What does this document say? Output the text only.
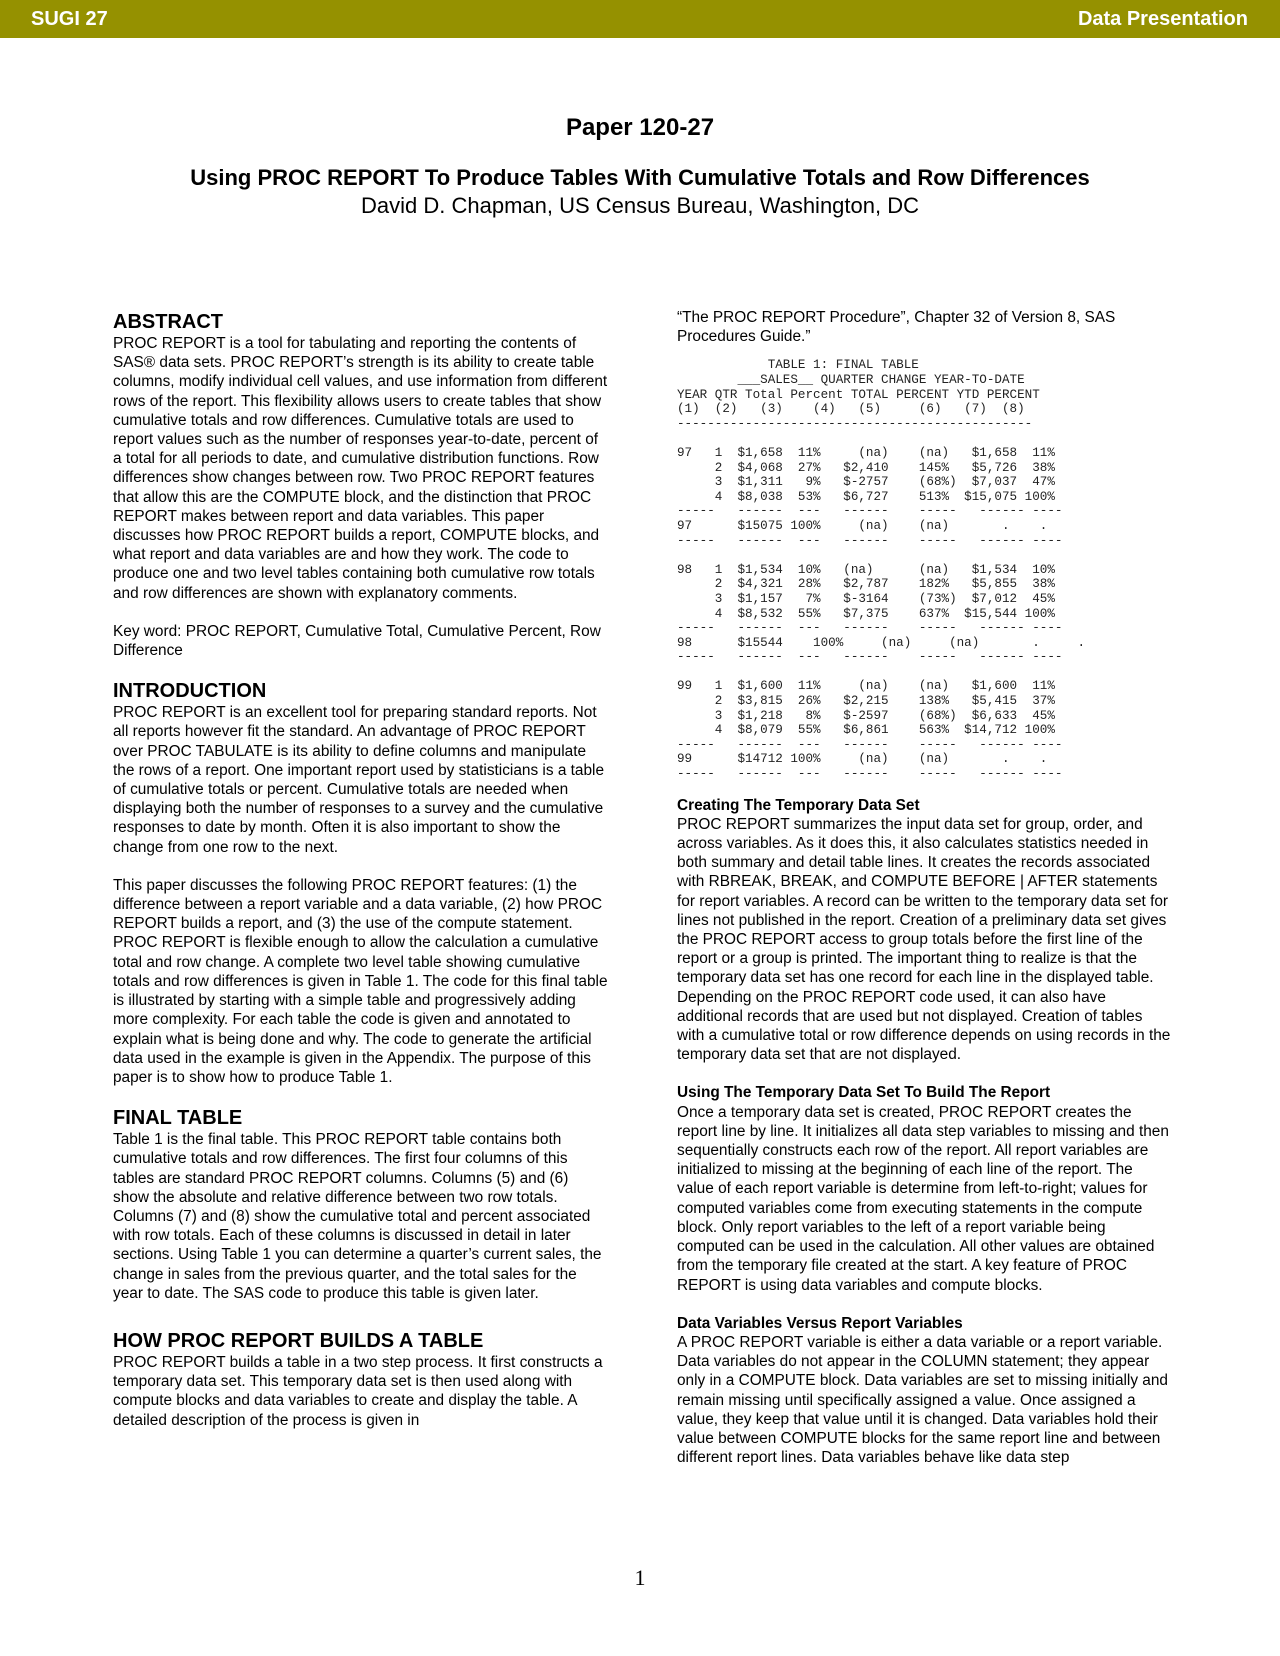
SUGI 27	Data Presentation
Paper 120-27
Using PROC REPORT To Produce Tables With Cumulative Totals and Row Differences
David D. Chapman, US Census Bureau, Washington, DC
ABSTRACT

PROC REPORT is a tool for tabulating and reporting the contents of SAS® data sets. PROC REPORT’s strength is its ability to create table columns, modify individual cell values, and use information from different rows of the report. This flexibility allows users to create tables that show cumulative totals and row differences. Cumulative totals are used to report values such as the number of responses year-to-date, percent of a total for all periods to date, and cumulative distribution functions. Row differences show changes between row. Two PROC REPORT features that allow this are the COMPUTE block, and the distinction that PROC REPORT makes between report and data variables. This paper discusses how PROC REPORT builds a report, COMPUTE blocks, and what report and data variables are and how they work. The code to produce one and two level tables containing both cumulative row totals and row differences are shown with explanatory comments.

Key word: PROC REPORT, Cumulative Total, Cumulative Percent, Row Difference

INTRODUCTION

PROC REPORT is an excellent tool for preparing standard reports. Not all reports however fit the standard. An advantage of PROC REPORT over PROC TABULATE is its ability to define columns and manipulate the rows of a report. One important report used by statisticians is a table of cumulative totals or percent. Cumulative totals are needed when displaying both the number of responses to a survey and the cumulative responses to date by month. Often it is also important to show the change from one row to the next.

This paper discusses the following PROC REPORT features: (1) the difference between a report variable and a data variable, (2) how PROC REPORT builds a report, and (3) the use of the compute statement. PROC REPORT is flexible enough to allow the calculation a cumulative total and row change. A complete two level table showing cumulative totals and row differences is given in Table 1. The code for this final table is illustrated by starting with a simple table and progressively adding more complexity. For each table the code is given and annotated to explain what is being done and why. The code to generate the artificial data used in the example is given in the Appendix. The purpose of this paper is to show how to produce Table 1.

FINAL TABLE

Table 1 is the final table. This PROC REPORT table contains both cumulative totals and row differences. The first four columns of this tables are standard PROC REPORT columns. Columns (5) and (6) show the absolute and relative difference between two row totals. Columns (7) and (8) show the cumulative total and percent associated with row totals. Each of these columns is discussed in detail in later sections. Using Table 1 you can determine a quarter’s current sales, the change in sales from the previous quarter, and the total sales for the year to date. The SAS code to produce this table is given later.

HOW PROC REPORT BUILDS A TABLE

PROC REPORT builds a table in a two step process. It first constructs a temporary data set. This temporary data set is then used along with compute blocks and data variables to create and display the table. A detailed description of the process is given in

“The PROC REPORT Procedure”, Chapter 32 of Version 8, SAS Procedures Guide.”

TABLE 1: FINAL TABLE
___SALES__ QUARTER CHANGE YEAR-TO-DATE
YEAR QTR Total Percent TOTAL PERCENT YTD PERCENT
(1)  (2)   (3)    (4)   (5)     (6)   (7)  (8)
-----------------------------------------------
97   1  $1,658  11%     (na)    (na)   $1,658  11%
2  $4,068  27%   $2,410    145%   $5,726  38%
3  $1,311   9%   $-2757    (68%)  $7,037  47%
4  $8,038  53%   $6,727    513%  $15,075 100%
-----   ------  ---   ------    -----   ------ ----
97      $15075 100%     (na)    (na)       .    .
-----   ------  ---   ------    -----   ------ ----
98   1  $1,534  10%   (na)      (na)   $1,534  10%
2  $4,321  28%   $2,787    182%   $5,855  38%
3  $1,157   7%   $-3164    (73%)  $7,012  45%
4  $8,532  55%   $7,375    637%  $15,544 100%
-----   ------  ---   ------    -----   ------ ----
98      $15544    100%     (na)     (na)       .     .
-----   ------  ---   ------    -----   ------ ----
99   1  $1,600  11%     (na)    (na)   $1,600  11%
2  $3,815  26%   $2,215    138%   $5,415  37%
3  $1,218   8%   $-2597    (68%)  $6,633  45%
4  $8,079  55%   $6,861    563%  $14,712 100%
-----   ------  ---   ------    -----   ------ ----
99      $14712 100%     (na)    (na)       .    .
-----   ------  ---   ------    -----   ------ ----
Creating The Temporary Data Set

PROC REPORT summarizes the input data set for group, order, and across variables. As it does this, it also calculates statistics needed in both summary and detail table lines. It creates the records associated with RBREAK, BREAK, and COMPUTE BEFORE | AFTER statements for report variables. A record can be written to the temporary data set for lines not published in the report. Creation of a preliminary data set gives the PROC REPORT access to group totals before the first line of the report or a group is printed. The important thing to realize is that the temporary data set has one record for each line in the displayed table. Depending on the PROC REPORT code used, it can also have additional records that are used but not displayed. Creation of tables with a cumulative total or row difference depends on using records in the temporary data set that are not displayed.

Using The Temporary Data Set To Build The Report

Once a temporary data set is created, PROC REPORT creates the report line by line. It initializes all data step variables to missing and then sequentially constructs each row of the report. All report variables are initialized to missing at the beginning of each line of the report. The value of each report variable is determine from left-to-right; values for computed variables come from executing statements in the compute block. Only report variables to the left of a report variable being computed can be used in the calculation. All other values are obtained from the temporary file created at the start. A key feature of PROC REPORT is using data variables and compute blocks.

Data Variables Versus Report Variables

A PROC REPORT variable is either a data variable or a report variable. Data variables do not appear in the COLUMN statement; they appear only in a COMPUTE block. Data variables are set to missing initially and remain missing until specifically assigned a value. Once assigned a value, they keep that value until it is changed. Data variables hold their value between COMPUTE blocks for the same report line and between different report lines. Data variables behave like data step

1
